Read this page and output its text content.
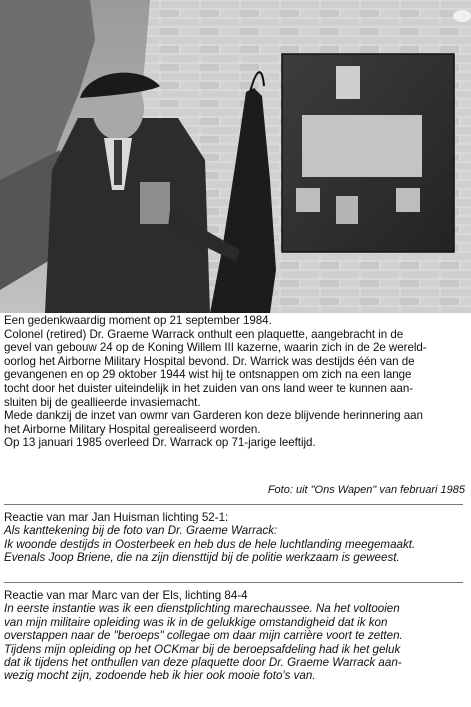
Een gedenkwaardig moment op 21 september 1984.

Colonel (retired) Dr. Graeme Warrack onthult een plaquette, aangebracht in de

gevel van gebouw 24 op de Koning Willem III kazerne, waarin zich in de 2e wereld-

oorlog het Airborne Military Hospital bevond. Dr. Warrick was destijds één van de

gevangenen en op 29 oktober 1944 wist hij te ontsnappen om zich na een lange

tocht door het duister uiteindelijk in het zuiden van ons land weer te kunnen aan-

sluiten bij de geallieerde invasiemacht.

Mede dankzij de inzet van owmr van Garderen kon deze blijvende herinnering aan

het Airborne Military Hospital gerealiseerd worden.

Op 13 januari 1985 overleed Dr. Warrack op 71-jarige leeftijd.

Foto: uit "Ons Wapen" van februari 1985
Reactie van mar Jan Huisman lichting 52-1:
Als kanttekening bij de foto van Dr. Graeme Warrack:
Ik woonde destijds in Oosterbeek en heb dus de hele luchtlanding meegemaakt.
Evenals Joop Briene, die na zijn diensttijd bij de politie werkzaam is geweest.
Reactie van mar Marc van der Els, lichting 84-4
In eerste instantie was ik een dienstplichting marechaussee. Na het voltooien
van mijn militaire opleiding was ik in de gelukkige omstandigheid dat ik kon
overstappen naar de "beroeps" collegae om daar mijn carrière voort te zetten.
Tijdens mijn opleiding op het OCKmar bij de beroepsafdeling had ik het geluk
dat ik tijdens het onthullen van deze plaquette door Dr. Graeme Warrack aan-
wezig mocht zijn, zodoende heb ik hier ook mooie foto's van.
